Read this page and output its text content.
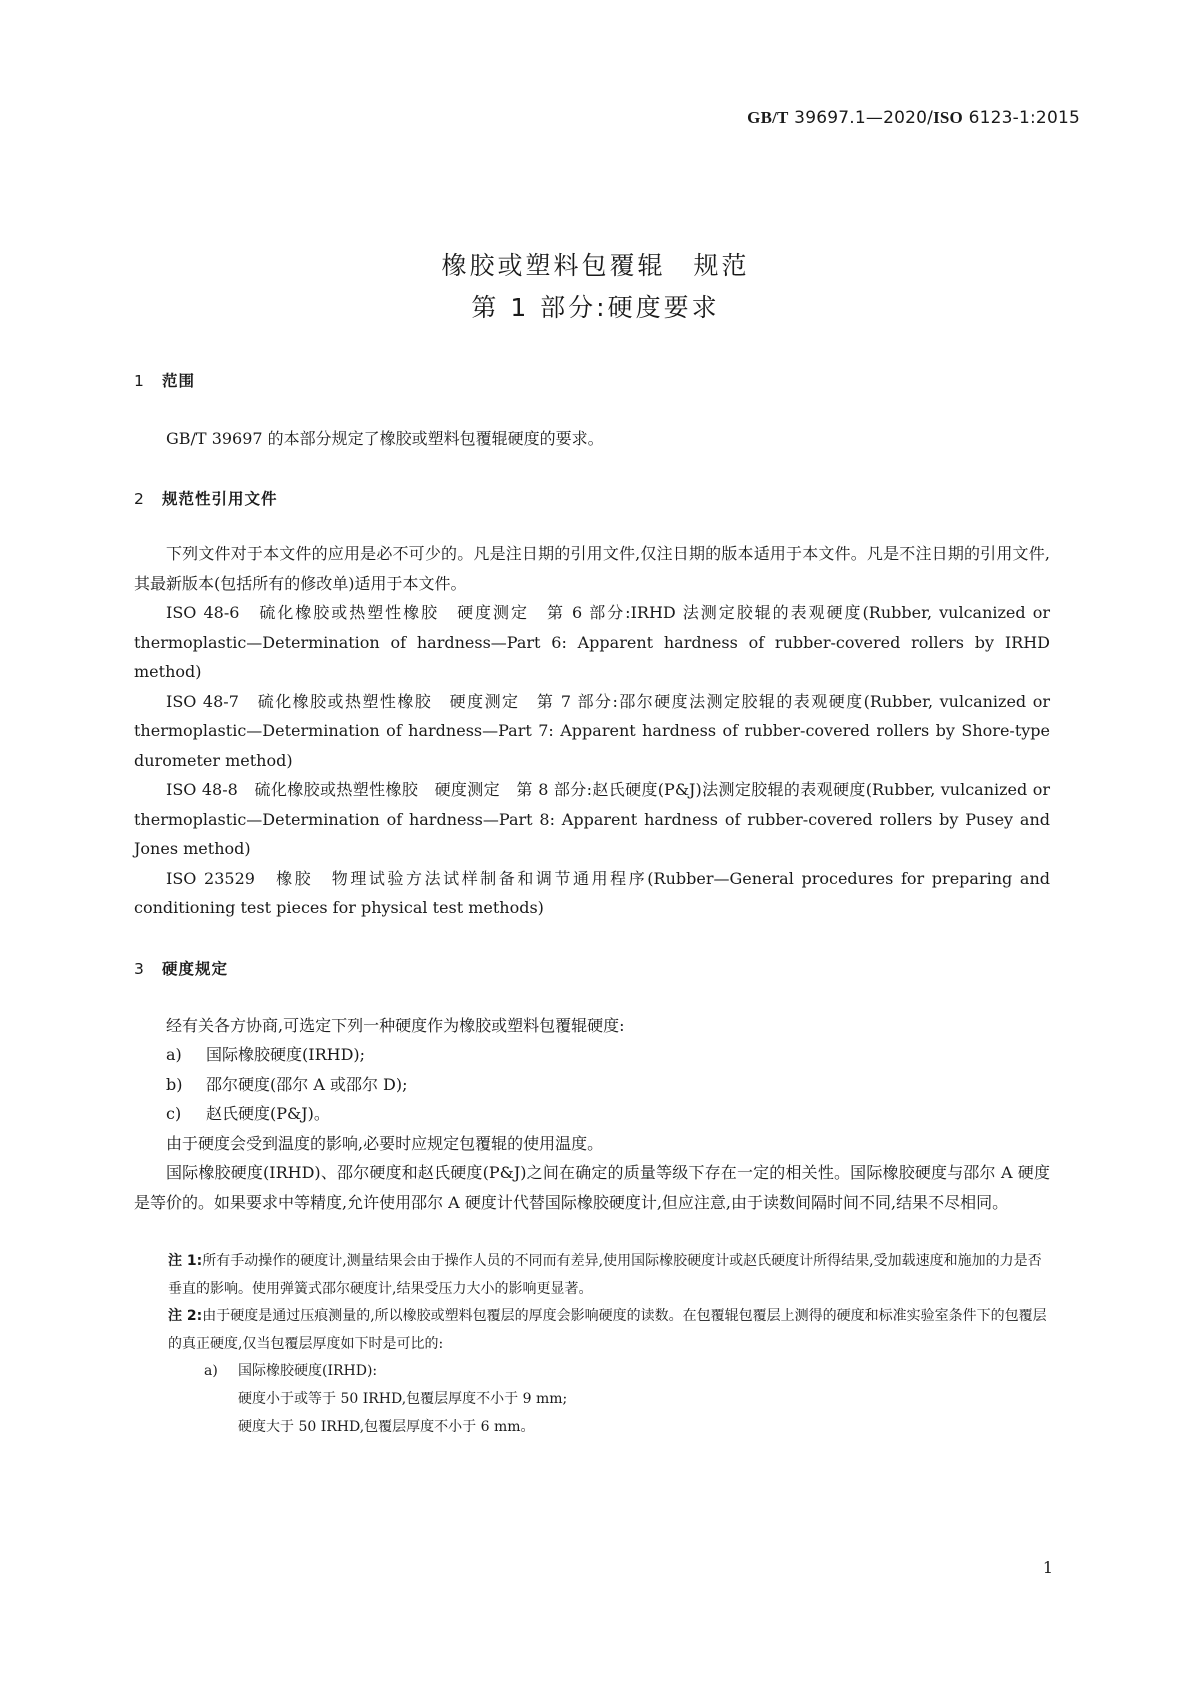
GB/T 39697.1—2020/ISO 6123-1:2015
橡胶或塑料包覆辊　规范
第 1 部分:硬度要求
1 范围
GB/T 39697 的本部分规定了橡胶或塑料包覆辊硬度的要求。
2 规范性引用文件
下列文件对于本文件的应用是必不可少的。凡是注日期的引用文件,仅注日期的版本适用于本文件。凡是不注日期的引用文件,其最新版本(包括所有的修改单)适用于本文件。
ISO 48-6　硫化橡胶或热塑性橡胶　硬度测定　第 6 部分:IRHD 法测定胶辊的表观硬度(Rubber, vulcanized or thermoplastic—Determination of hardness—Part 6: Apparent hardness of rubber-covered rollers by IRHD method)
ISO 48-7　硫化橡胶或热塑性橡胶　硬度测定　第 7 部分:邵尔硬度法测定胶辊的表观硬度(Rubber, vulcanized or thermoplastic—Determination of hardness—Part 7: Apparent hardness of rubber-covered rollers by Shore-type durometer method)
ISO 48-8　硫化橡胶或热塑性橡胶　硬度测定　第 8 部分:赵氏硬度(P&J)法测定胶辊的表观硬度(Rubber, vulcanized or thermoplastic—Determination of hardness—Part 8: Apparent hardness of rubber-covered rollers by Pusey and Jones method)
ISO 23529　橡胶　物理试验方法试样制备和调节通用程序(Rubber—General procedures for preparing and conditioning test pieces for physical test methods)
3 硬度规定
经有关各方协商,可选定下列一种硬度作为橡胶或塑料包覆辊硬度:
a) 国际橡胶硬度(IRHD);
b) 邵尔硬度(邵尔 A 或邵尔 D);
c) 赵氏硬度(P&J)。
由于硬度会受到温度的影响,必要时应规定包覆辊的使用温度。
国际橡胶硬度(IRHD)、邵尔硬度和赵氏硬度(P&J)之间在确定的质量等级下存在一定的相关性。国际橡胶硬度与邵尔 A 硬度是等价的。如果要求中等精度,允许使用邵尔 A 硬度计代替国际橡胶硬度计,但应注意,由于读数间隔时间不同,结果不尽相同。
注 1:所有手动操作的硬度计,测量结果会由于操作人员的不同而有差异,使用国际橡胶硬度计或赵氏硬度计所得结果,受加载速度和施加的力是否垂直的影响。使用弹簧式邵尔硬度计,结果受压力大小的影响更显著。
注 2:由于硬度是通过压痕测量的,所以橡胶或塑料包覆层的厚度会影响硬度的读数。在包覆辊包覆层上测得的硬度和标准实验室条件下的包覆层的真正硬度,仅当包覆层厚度如下时是可比的:
a) 国际橡胶硬度(IRHD):
硬度小于或等于 50 IRHD,包覆层厚度不小于 9 mm;
硬度大于 50 IRHD,包覆层厚度不小于 6 mm。
1
